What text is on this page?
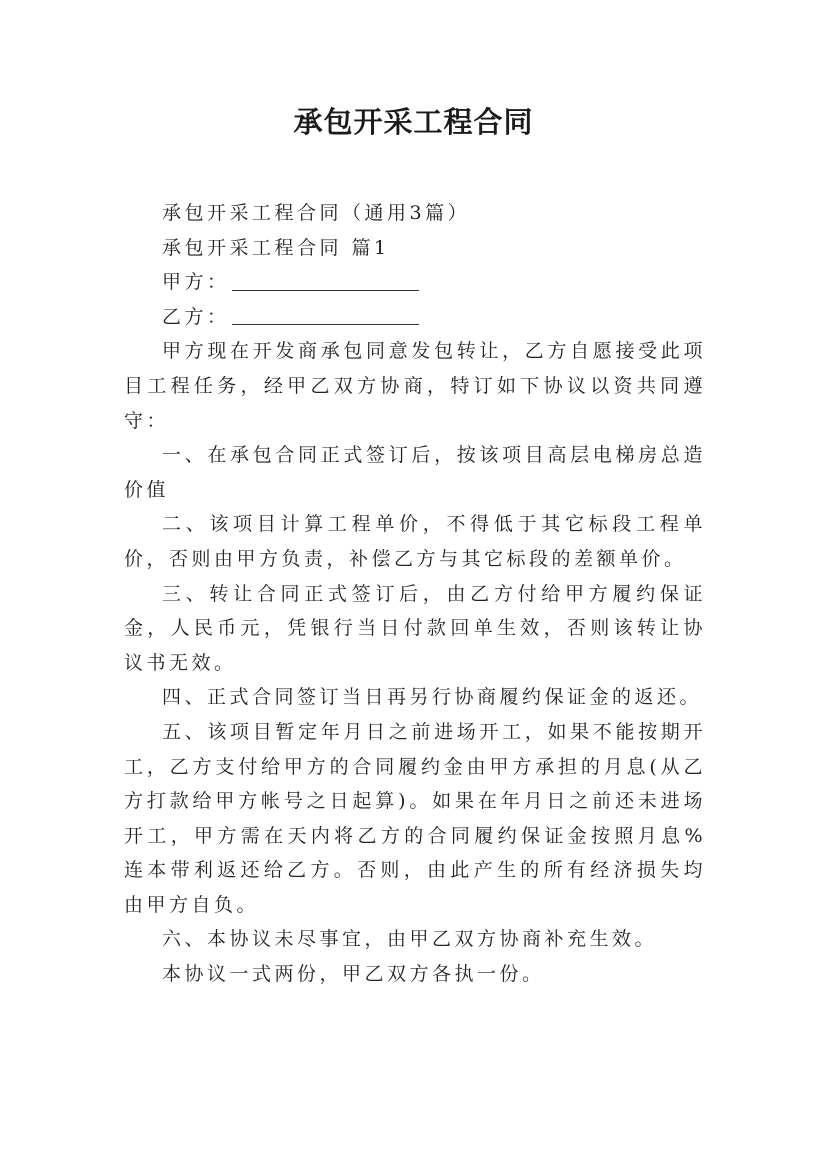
承包开采工程合同

承包开采工程合同（通用3篇）

承包开采工程合同 篇1

甲方：
乙方：

甲方现在开发商承包同意发包转让，乙方自愿接受此项目工程任务，经甲乙双方协商，特订如下协议以资共同遵守：

一、在承包合同正式签订后，按该项目高层电梯房总造价值

二、该项目计算工程单价，不得低于其它标段工程单价，否则由甲方负责，补偿乙方与其它标段的差额单价。

三、转让合同正式签订后，由乙方付给甲方履约保证金，人民币元，凭银行当日付款回单生效，否则该转让协议书无效。

四、正式合同签订当日再另行协商履约保证金的返还。

五、该项目暂定年月日之前进场开工，如果不能按期开工，乙方支付给甲方的合同履约金由甲方承担的月息(从乙方打款给甲方帐号之日起算)。如果在年月日之前还未进场开工，甲方需在天内将乙方的合同履约保证金按照月息%连本带利返还给乙方。否则，由此产生的所有经济损失均由甲方自负。

六、本协议未尽事宜，由甲乙双方协商补充生效。

本协议一式两份，甲乙双方各执一份。
